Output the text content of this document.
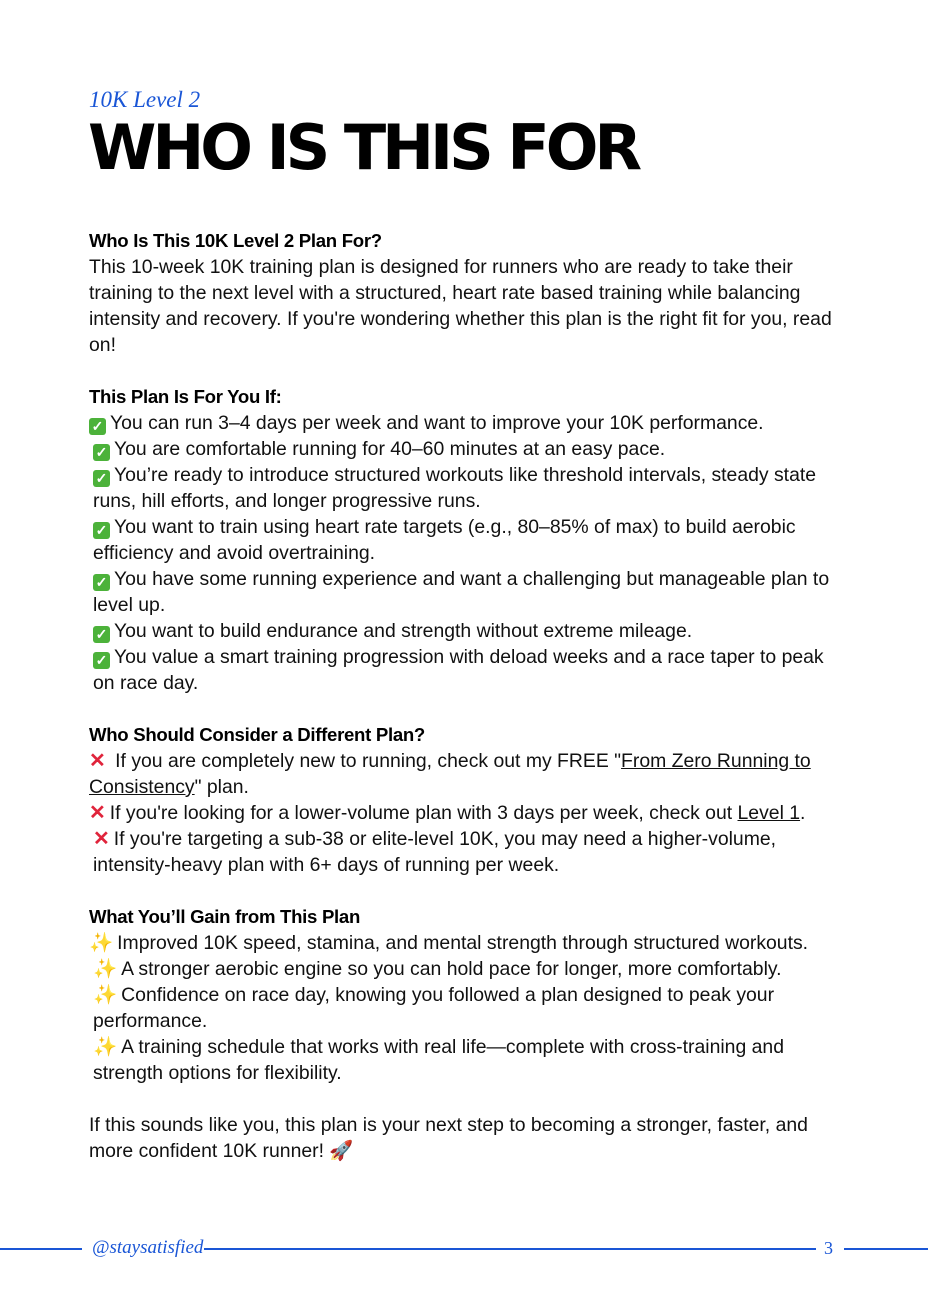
10K Level 2
WHO IS THIS FOR
Who Is This 10K Level 2 Plan For?

This 10-week 10K training plan is designed for runners who are ready to take their training to the next level with a structured, heart rate based training while balancing intensity and recovery. If you're wondering whether this plan is the right fit for you, read on!

This Plan Is For You If:

✓ You can run 3–4 days per week and want to improve your 10K performance.

✓ You are comfortable running for 40–60 minutes at an easy pace.

✓ You’re ready to introduce structured workouts like threshold intervals, steady state runs, hill efforts, and longer progressive runs.

✓ You want to train using heart rate targets (e.g., 80–85% of max) to build aerobic efficiency and avoid overtraining.

✓ You have some running experience and want a challenging but manageable plan to level up.

✓ You want to build endurance and strength without extreme mileage.

✓ You value a smart training progression with deload weeks and a race taper to peak on race day.

Who Should Consider a Different Plan?

✕ If you are completely new to running, check out my FREE "From Zero Running to Consistency" plan.

✕ If you're looking for a lower-volume plan with 3 days per week, check out Level 1.

✕ If you're targeting a sub-38 or elite-level 10K, you may need a higher-volume, intensity-heavy plan with 6+ days of running per week.

What You’ll Gain from This Plan

✨ Improved 10K speed, stamina, and mental strength through structured workouts.

✨ A stronger aerobic engine so you can hold pace for longer, more comfortably.

✨ Confidence on race day, knowing you followed a plan designed to peak your performance.

✨ A training schedule that works with real life—complete with cross-training and strength options for flexibility.

If this sounds like you, this plan is your next step to becoming a stronger, faster, and more confident 10K runner! 🚀

@staysatisfied	3
